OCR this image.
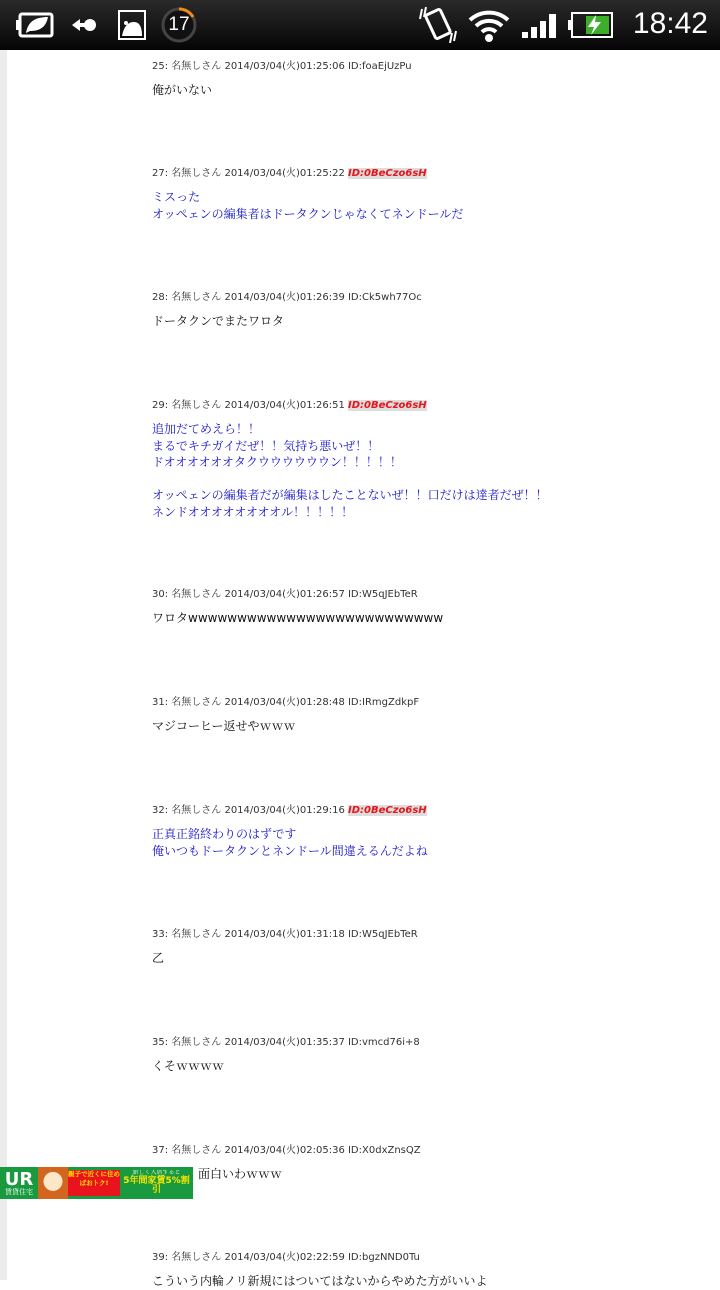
17	18:42
25: 名無しさん 2014/03/04(火)01:25:06 ID:foaEjUzPu
俺がいない
27: 名無しさん 2014/03/04(火)01:25:22 ID:0BeCzo6sH
ミスった
オッペェンの編集者はドータクンじゃなくてネンドールだ
28: 名無しさん 2014/03/04(火)01:26:39 ID:Ck5wh77Oc
ドータクンでまたワロタ
29: 名無しさん 2014/03/04(火)01:26:51 ID:0BeCzo6sH
追加だてめえら！！
まるでキチガイだぜ！！気持ち悪いぜ！！
ドオオオオオオタクウウウウウウン！！！！！

オッペェンの編集者だが編集はしたことないぜ！！口だけは達者だぜ！！
ネンドオオオオオオオオル！！！！！
30: 名無しさん 2014/03/04(火)01:26:57 ID:W5qJEbTeR
ワロタwwwwwwwwwwwwwwwwwwwwwwwwww
31: 名無しさん 2014/03/04(火)01:28:48 ID:IRmgZdkpF
マジコーヒー返せやｗｗｗ
32: 名無しさん 2014/03/04(火)01:29:16 ID:0BeCzo6sH
正真正銘終わりのはずです
俺いつもドータクンとネンドール間違えるんだよね
33: 名無しさん 2014/03/04(火)01:31:18 ID:W5qJEbTeR
乙
35: 名無しさん 2014/03/04(火)01:35:37 ID:vmcd76i+8
くそｗｗｗｗ
37: 名無しさん 2014/03/04(火)02:05:36 ID:X0dxZnsQZ
面白いわｗｗｗ
39: 名無しさん 2014/03/04(火)02:22:59 ID:bgzNND0Tu
こういう内輪ノリ新規にはついてはないからやめた方がいいよ
UR
賃貸住宅
親子で近くに住めばおトク!
新しく入居すると
5年間家賃5%割引
